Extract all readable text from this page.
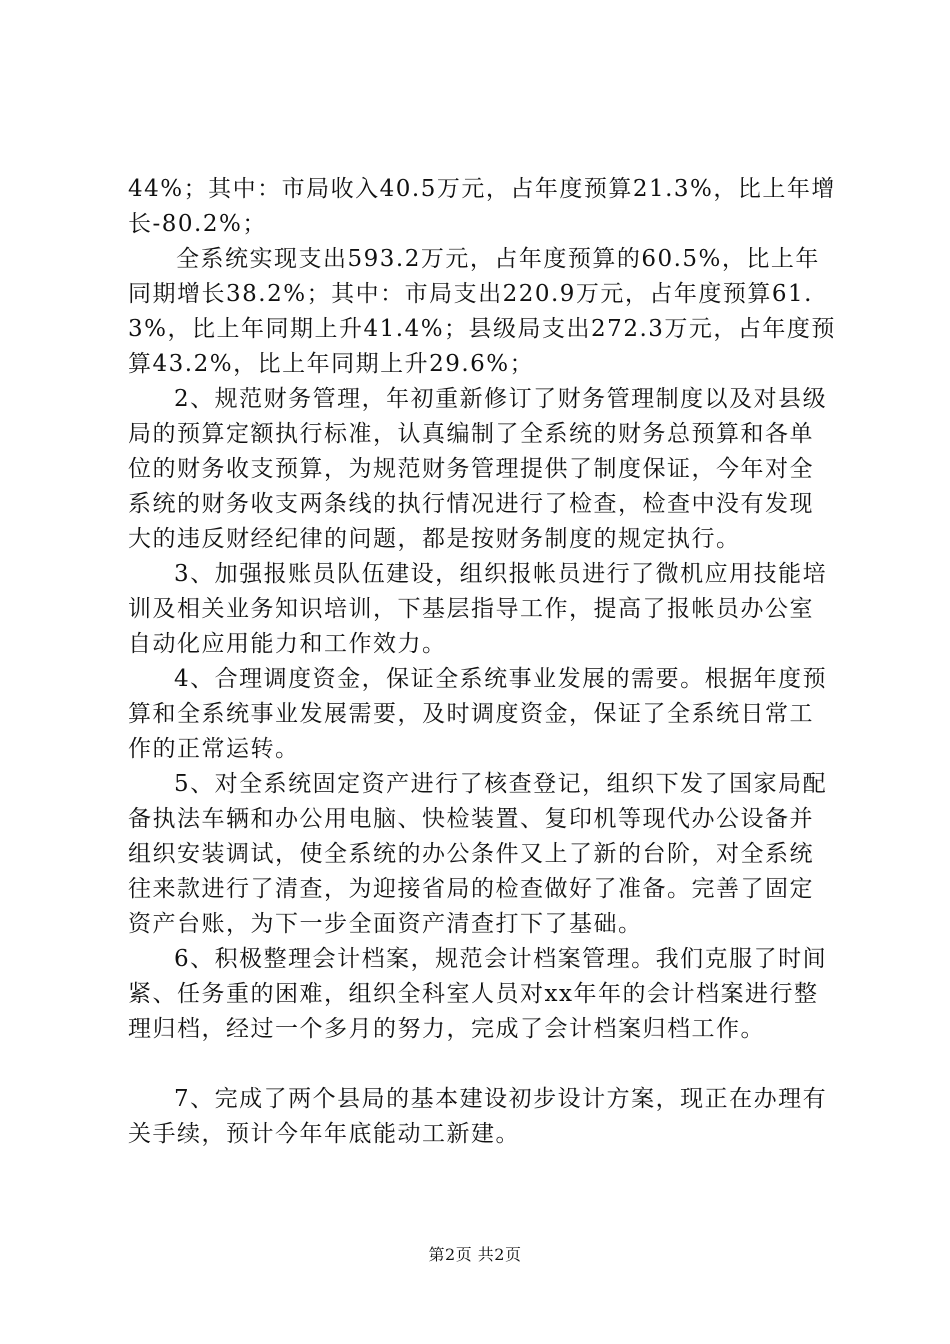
44%；其中：市局收入40.5万元，占年度预算21.3%，比上年增长-80.2%；

全系统实现支出593.2万元，占年度预算的60.5%，比上年同期增长38.2%；其中：市局支出220.9万元，占年度预算61.3%，比上年同期上升41.4%；县级局支出272.3万元，占年度预算43.2%，比上年同期上升29.6%；

2、规范财务管理，年初重新修订了财务管理制度以及对县级局的预算定额执行标准，认真编制了全系统的财务总预算和各单位的财务收支预算，为规范财务管理提供了制度保证，今年对全系统的财务收支两条线的执行情况进行了检查，检查中没有发现大的违反财经纪律的问题，都是按财务制度的规定执行。

3、加强报账员队伍建设，组织报帐员进行了微机应用技能培训及相关业务知识培训，下基层指导工作，提高了报帐员办公室自动化应用能力和工作效力。

4、合理调度资金，保证全系统事业发展的需要。根据年度预算和全系统事业发展需要，及时调度资金，保证了全系统日常工作的正常运转。

5、对全系统固定资产进行了核查登记，组织下发了国家局配备执法车辆和办公用电脑、快检装置、复印机等现代办公设备并组织安装调试，使全系统的办公条件又上了新的台阶，对全系统往来款进行了清查，为迎接省局的检查做好了准备。完善了固定资产台账，为下一步全面资产清查打下了基础。

6、积极整理会计档案，规范会计档案管理。我们克服了时间紧、任务重的困难，组织全科室人员对xx年年的会计档案进行整理归档，经过一个多月的努力，完成了会计档案归档工作。

7、完成了两个县局的基本建设初步设计方案，现正在办理有关手续，预计今年年底能动工新建。

第2页 共2页
